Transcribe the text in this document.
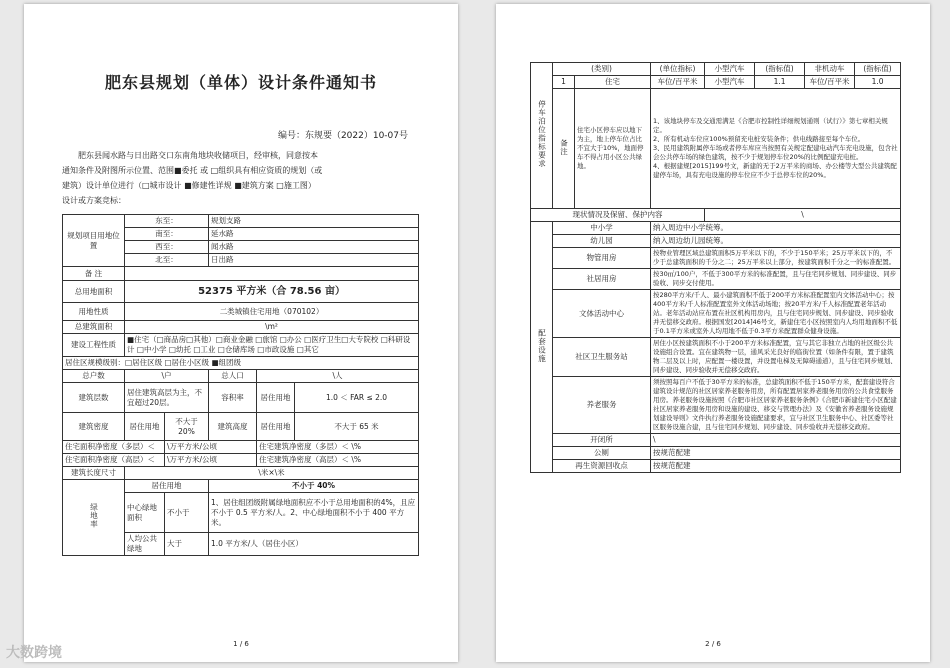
肥东县规划（单体）设计条件通知书
编号：东规要（2022）10-07号
肥东县闻水路与日出路交口东南角地块收储项目，经审核，同意按本
通知条件及附图所示位置、范围■委托 或 □组织具有相应资质的规划（或
建筑）设计单位进行（□城市设计 ■修建性详规 ■建筑方案 □施工图）
设计或方案竞标：
规划项目用地位置	东至：		规划支路		
	南至：		延水路		
	西至：		闻水路		
	北至：		日出路		
备 注					
总用地面积	52375 平方米（合 78.56 亩）				
用地性质	二类城镇住宅用地（070102）				
总建筑面积	\m²				
建设工程性质	■住宅（□商品房□其他）□商业金融 □旅馆 □办公 □医疗卫生□大专院校 □科研设计 □中小学 □幼托 □工业 □仓储库场 □市政设施 □其它				
居住区规模级别：□居住区级 □居住小区级 ■组团级					
总户数	\户		总人口	\人	
建筑层数	居住建筑高层为主，不宜超过20层。		容积率	居住用地	1.0 ＜ FAR ≤ 2.0
建筑密度	居住用地	不大于 20%	建筑高度	居住用地	不大于 65 米
住宅面积净密度（多层）＜		\万平方米/公顷		住宅建筑净密度（多层）＜ \%	
住宅面积净密度（高层）＜		\万平方米/公顷		住宅建筑净密度（高层）＜ \%	
建筑长度尺寸	\米×\米				
绿地率	居住用地		不小于 40%		
	中心绿地面积	不小于	1、居住组团级附属绿地面积应不小于总用地面积的4%，且应不小于 0.5 平方米/人。2、中心绿地面积不小于 400 平方米。		
	人均公共绿地	大于	1.0 平方米/人（居住小区）		
1 / 6
停车泊位指标要求	(类别)		(单位指标)	小型汽车	(指标值)	非机动车	(指标值)
	1	住宅	车位/百平米	小型汽车	1.1	车位/百平米	1.0
	备注	住宅小区停车应以地下为主，地上停车位占比不宜大于10%，地面停车不得占用小区公共绿地。	1、该地块停车及交通需满足《合肥市控制性详细规划通则（试行）》第七章相关规定。
2、所有机动车位应100%预留充电桩安装条件；供电线路接至每个车位。
3、民用建筑附属停车场或者停车库应当按照有关规定配建电动汽车充电设施，包含社会公共停车场的绿色建筑，按不少于规划停车位20%的比例配建充电桩。
4、根据建规[2015]199号文，新建的无于2万平米的商场、办公楼等大型公共建筑配建停车场，具有充电设施的停车位应不少于总停车位的20%。				

现状情况及保留、保护内容				\			
配套设施	中小学		纳入周边中小学统筹。				
	幼儿园		纳入周边幼儿园统筹。				
	物管用房		按物业管理区域总建筑面积5万平米以下的，不少于150平米；25万平米以下的，不少于总建筑面积的千分之二；25万平米以上部分，按建筑面积千分之一的标准配置。				
	社居用房		按30㎡/100户，不低于300平方米的标准配置，且与住宅同步规划、同步建设、同步验收、同步交付使用。				
	文体活动中心		按280平方米/千人、最小建筑面积不低于200平方米标准配置室内文体活动中心；按400平方米/千人标准配置室外文体活动场地；按20平方米/千人标准配置老年活动站。老年活动站应布置在社区机构用房内，且与住宅同步规划、同步建设、同步验收并无偿移交政府。根据国发[2014]46号文，新建住宅小区按照室内人均用地面积不低于0.1平方米或室外人均用地不低于0.3平方米配置群众健身设施。				
	社区卫生服务站		居住小区按建筑面积不小于200平方米标准配置，宜与其它非独立占地的社区级公共设施组合设置。宜在建筑物一层，通风采光良好的临街位置（如条件有限，置于建筑物二层及以上时，应配置一楼设置，并设置电梯及无障碍通道），且与住宅同步规划、同步建设、同步验收并无偿移交政府。				
	养老服务		须按照每百户不低于30平方米的标准，总建筑面积不低于150平方米，配套建设符合建筑设计规范的社区居家养老服务用房，所有配置居家养老服务用房的公共食堂服务用房。养老服务设施按照《合肥市社区居家养老服务条例》《合肥市新建住宅小区配建社区居家养老服务用房和设施的建设、移交与管理办法》及《安徽省养老服务设施规划建设导则》文件执行养老服务设施配建要求，宜与社区卫生服务中心、社区委等社区服务设施合建，且与住宅同步规划、同步建设、同步验收并无偿移交政府。				
	开闭所		\				
	公厕		按规范配建				
	再生资源回收点		按规范配建				
2 / 6
大数跨境
